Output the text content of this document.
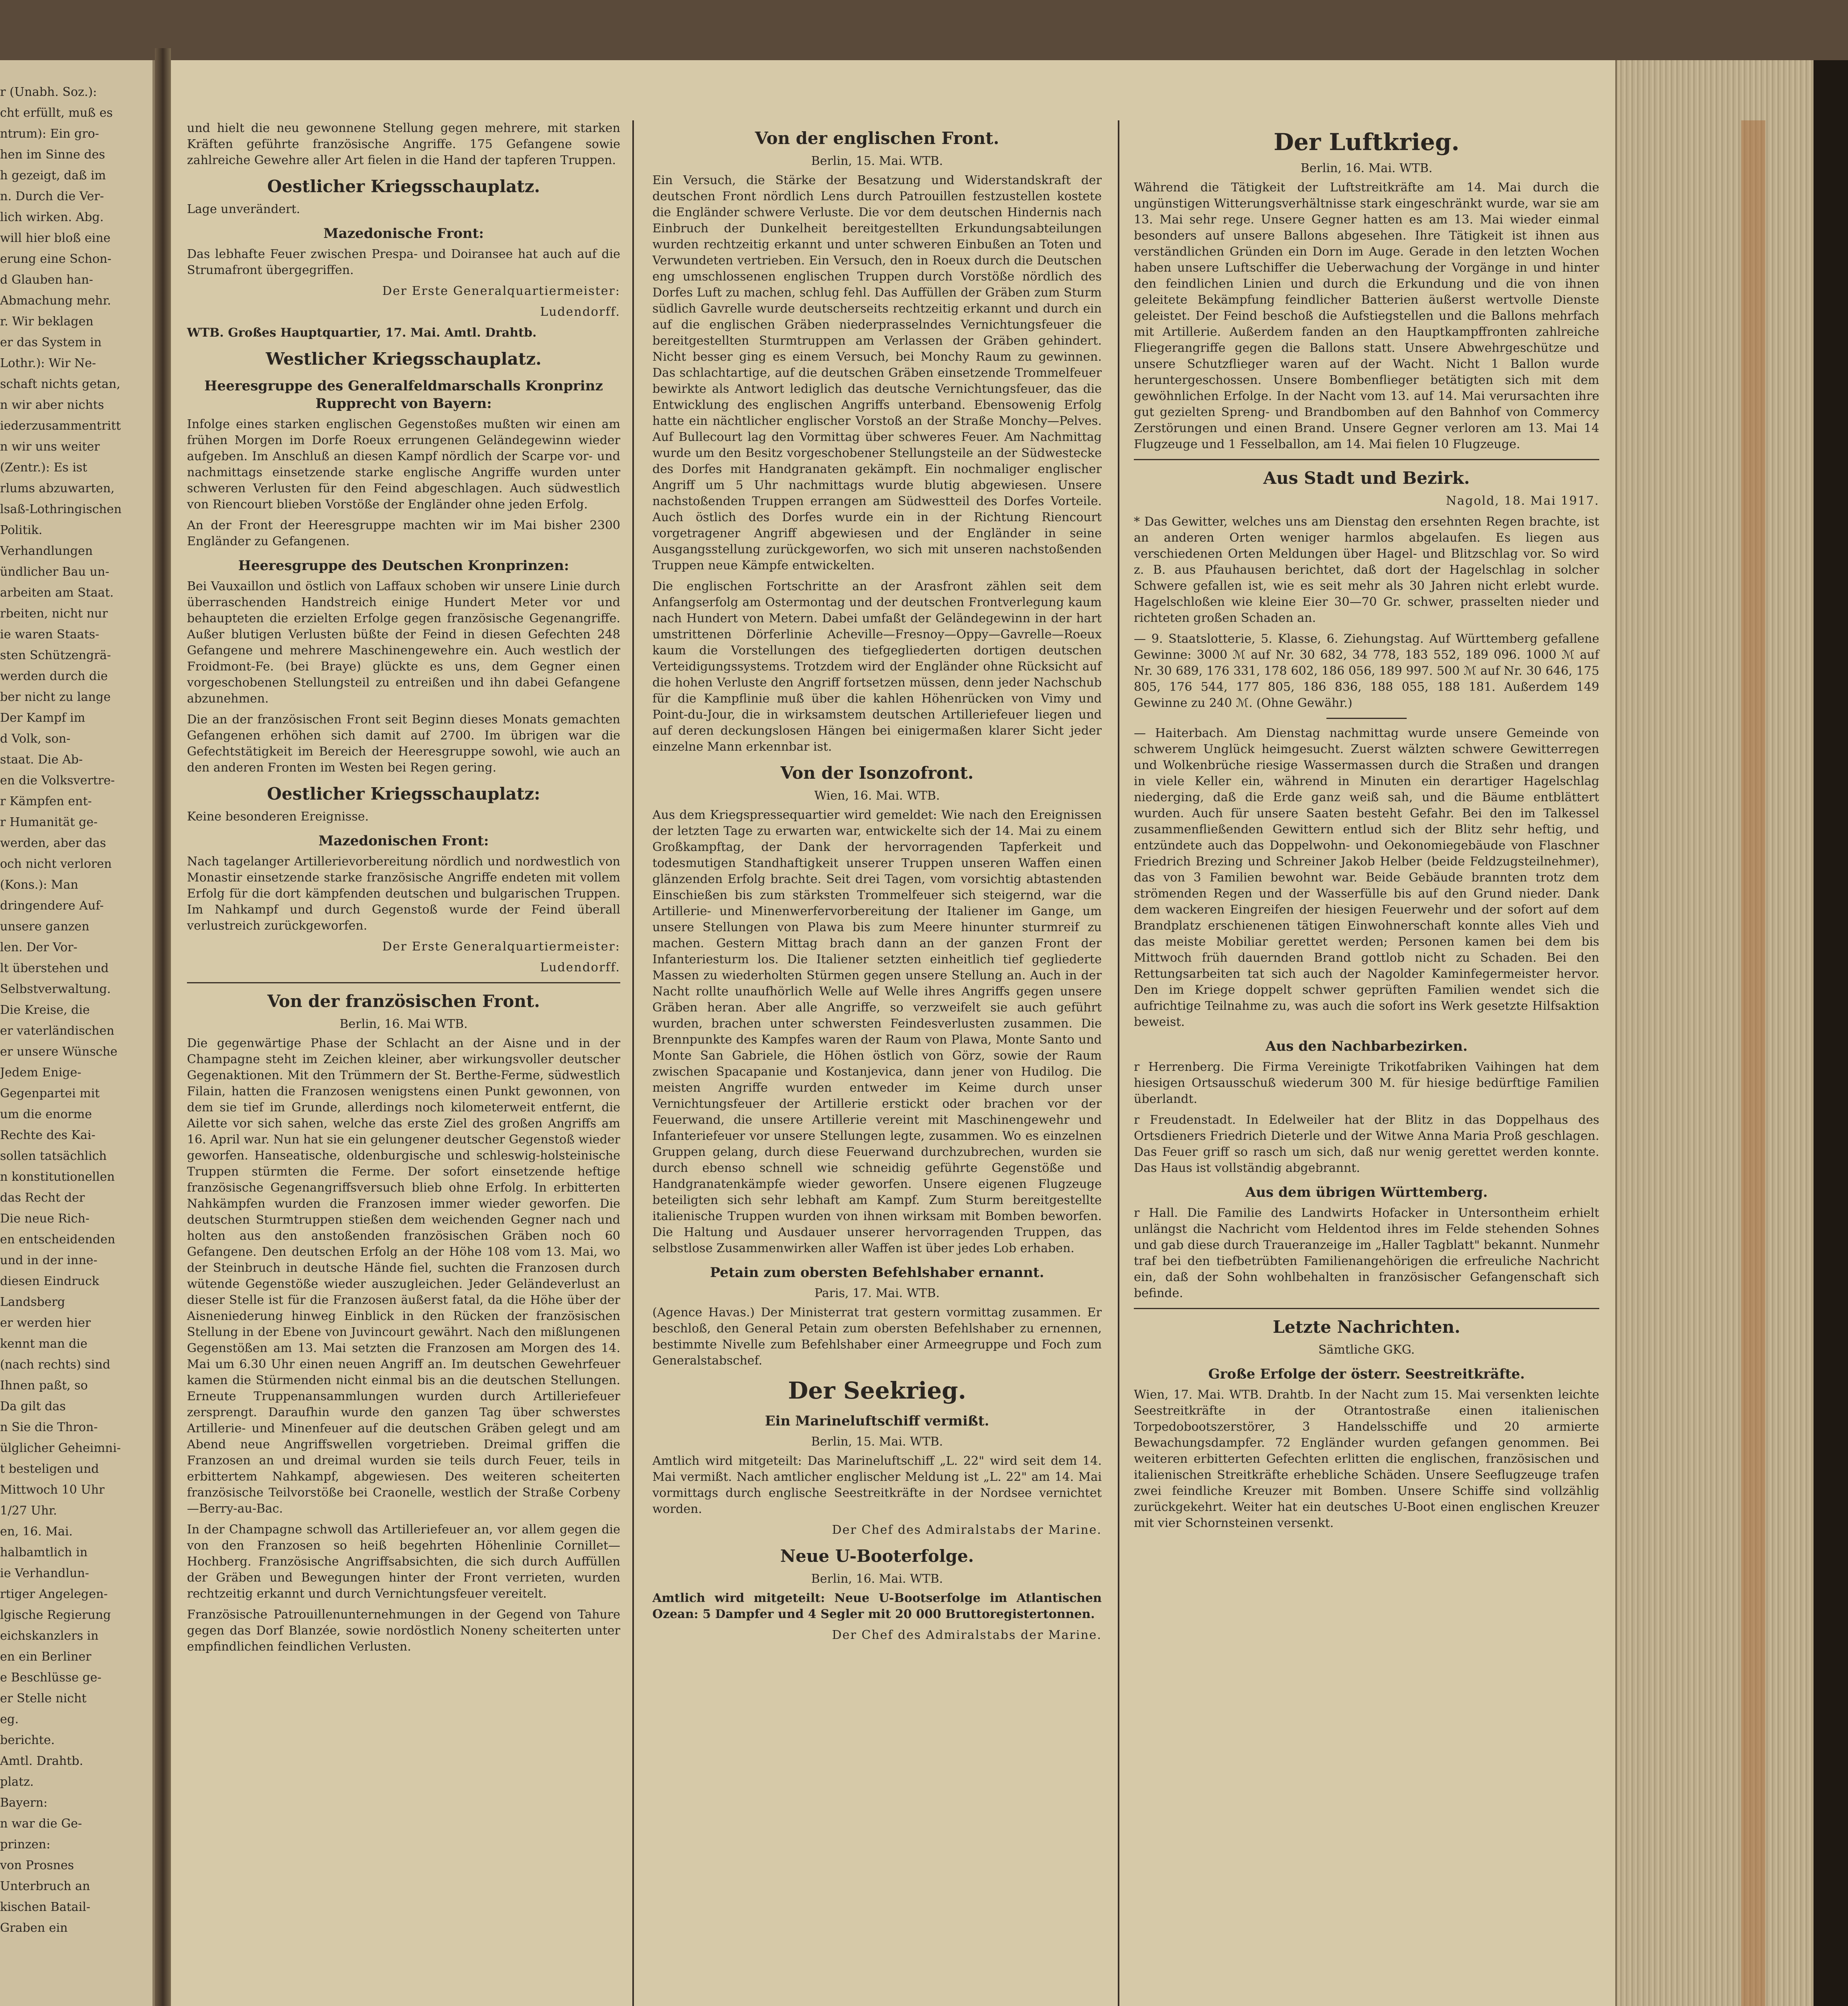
r (Unabh. Soz.):

cht erfüllt, muß es

ntrum): Ein gro-

hen im Sinne des

h gezeigt, daß im

n. Durch die Ver-

lich wirken. Abg.

will hier bloß eine

erung eine Schon-

d Glauben han-

Abmachung mehr.

r. Wir beklagen

er das System in

Lothr.): Wir Ne-

schaft nichts getan,

n wir aber nichts

iederzusammentritt

n wir uns weiter

(Zentr.): Es ist

rlums abzuwarten,

lsaß-Lothringischen

Politik.

Verhandlungen

ündlicher Bau un-

arbeiten am Staat.

rbeiten, nicht nur

ie waren Staats-

sten Schützengrä-

werden durch die

ber nicht zu lange

Der Kampf im

d Volk, son-

staat. Die Ab-

en die Volksvertre-

r Kämpfen ent-

r Humanität ge-

werden, aber das

och nicht verloren

(Kons.): Man

dringendere Auf-

unsere ganzen

len. Der Vor-

lt überstehen und

Selbstverwaltung.

Die Kreise, die

er vaterländischen

er unsere Wünsche

Jedem Enige-

Gegenpartei mit

um die enorme

Rechte des Kai-

sollen tatsächlich

n konstitutionellen

das Recht der

Die neue Rich-

en entscheidenden

und in der inne-

diesen Eindruck

Landsberg

er werden hier

kennt man die

(nach rechts) sind

Ihnen paßt, so

Da gilt das

n Sie die Thron-

ülglicher Geheimni-

t besteligen und

Mittwoch 10 Uhr

1/27 Uhr.

en, 16. Mai.

halbamtlich in

ie Verhandlun-

rtiger Angelegen-

lgische Regierung

eichskanzlers in

en ein Berliner

e Beschlüsse ge-

er Stelle nicht

eg.

berichte.

Amtl. Drahtb.

platz.

Bayern:

n war die Ge-

prinzen:

von Prosnes

Unterbruch an

kischen Batail-

Graben ein

und hielt die neu gewonnene Stellung gegen mehrere, mit starken Kräften geführte französische Angriffe. 175 Gefangene sowie zahlreiche Gewehre aller Art fielen in die Hand der tapferen Truppen.

Oestlicher Kriegsschauplatz.

Lage unverändert.

Mazedonische Front:

Das lebhafte Feuer zwischen Prespa- und Doiransee hat auch auf die Strumafront übergegriffen.

Der Erste Generalquartiermeister:
Ludendorff.

WTB. Großes Hauptquartier, 17. Mai. Amtl. Drahtb.

Westlicher Kriegsschauplatz.
Heeresgruppe des Generalfeldmarschalls Kronprinz Rupprecht von Bayern:

Infolge eines starken englischen Gegenstoßes mußten wir einen am frühen Morgen im Dorfe Roeux errungenen Geländegewinn wieder aufgeben. Im Anschluß an diesen Kampf nördlich der Scarpe vor- und nachmittags einsetzende starke englische Angriffe wurden unter schweren Verlusten für den Feind abgeschlagen. Auch südwestlich von Riencourt blieben Vorstöße der Engländer ohne jeden Erfolg.

An der Front der Heeresgruppe machten wir im Mai bisher 2300 Engländer zu Gefangenen.

Heeresgruppe des Deutschen Kronprinzen:

Bei Vauxaillon und östlich von Laffaux schoben wir unsere Linie durch überraschenden Handstreich einige Hundert Meter vor und behaupteten die erzielten Erfolge gegen französische Gegenangriffe. Außer blutigen Verlusten büßte der Feind in diesen Gefechten 248 Gefangene und mehrere Maschinengewehre ein. Auch westlich der Froidmont-Fe. (bei Braye) glückte es uns, dem Gegner einen vorgeschobenen Stellungsteil zu entreißen und ihn dabei Gefangene abzunehmen.

Die an der französischen Front seit Beginn dieses Monats gemachten Gefangenen erhöhen sich damit auf 2700. Im übrigen war die Gefechtstätigkeit im Bereich der Heeresgruppe sowohl, wie auch an den anderen Fronten im Westen bei Regen gering.

Oestlicher Kriegsschauplatz:

Keine besonderen Ereignisse.

Mazedonischen Front:

Nach tagelanger Artillerievorbereitung nördlich und nordwestlich von Monastir einsetzende starke französische Angriffe endeten mit vollem Erfolg für die dort kämpfenden deutschen und bulgarischen Truppen. Im Nahkampf und durch Gegenstoß wurde der Feind überall verlustreich zurückgeworfen.

Der Erste Generalquartiermeister:
Ludendorff.
Von der französischen Front.
Berlin, 16. Mai WTB.

Die gegenwärtige Phase der Schlacht an der Aisne und in der Champagne steht im Zeichen kleiner, aber wirkungsvoller deutscher Gegenaktionen. Mit den Trümmern der St. Berthe-Ferme, südwestlich Filain, hatten die Franzosen wenigstens einen Punkt gewonnen, von dem sie tief im Grunde, allerdings noch kilometerweit entfernt, die Ailette vor sich sahen, welche das erste Ziel des großen Angriffs am 16. April war. Nun hat sie ein gelungener deutscher Gegenstoß wieder geworfen. Hanseatische, oldenburgische und schleswig-holsteinische Truppen stürmten die Ferme. Der sofort einsetzende heftige französische Gegenangriffsversuch blieb ohne Erfolg. In erbitterten Nahkämpfen wurden die Franzosen immer wieder geworfen. Die deutschen Sturmtruppen stießen dem weichenden Gegner nach und holten aus den anstoßenden französischen Gräben noch 60 Gefangene. Den deutschen Erfolg an der Höhe 108 vom 13. Mai, wo der Steinbruch in deutsche Hände fiel, suchten die Franzosen durch wütende Gegenstöße wieder auszugleichen. Jeder Geländeverlust an dieser Stelle ist für die Franzosen äußerst fatal, da die Höhe über der Aisneniederung hinweg Einblick in den Rücken der französischen Stellung in der Ebene von Juvincourt gewährt. Nach den mißlungenen Gegenstößen am 13. Mai setzten die Franzosen am Morgen des 14. Mai um 6.30 Uhr einen neuen Angriff an. Im deutschen Gewehrfeuer kamen die Stürmenden nicht einmal bis an die deutschen Stellungen. Erneute Truppenansammlungen wurden durch Artilleriefeuer zersprengt. Daraufhin wurde den ganzen Tag über schwerstes Artillerie- und Minenfeuer auf die deutschen Gräben gelegt und am Abend neue Angriffswellen vorgetrieben. Dreimal griffen die Franzosen an und dreimal wurden sie teils durch Feuer, teils in erbittertem Nahkampf, abgewiesen. Des weiteren scheiterten französische Teilvorstöße bei Craonelle, westlich der Straße Corbeny—Berry-au-Bac.

In der Champagne schwoll das Artilleriefeuer an, vor allem gegen die von den Franzosen so heiß begehrten Höhenlinie Cornillet—Hochberg. Französische Angriffsabsichten, die sich durch Auffüllen der Gräben und Bewegungen hinter der Front verrieten, wurden rechtzeitig erkannt und durch Vernichtungsfeuer vereitelt.

Französische Patrouillenunternehmungen in der Gegend von Tahure gegen das Dorf Blanzée, sowie nordöstlich Noneny scheiterten unter empfindlichen feindlichen Verlusten.

Von der englischen Front.
Berlin, 15. Mai. WTB.

Ein Versuch, die Stärke der Besatzung und Widerstandskraft der deutschen Front nördlich Lens durch Patrouillen festzustellen kostete die Engländer schwere Verluste. Die vor dem deutschen Hindernis nach Einbruch der Dunkelheit bereitgestellten Erkundungsabteilungen wurden rechtzeitig erkannt und unter schweren Einbußen an Toten und Verwundeten vertrieben. Ein Versuch, den in Roeux durch die Deutschen eng umschlossenen englischen Truppen durch Vorstöße nördlich des Dorfes Luft zu machen, schlug fehl. Das Auffüllen der Gräben zum Sturm südlich Gavrelle wurde deutscherseits rechtzeitig erkannt und durch ein auf die englischen Gräben niederprasselndes Vernichtungsfeuer die bereitgestellten Sturmtruppen am Verlassen der Gräben gehindert. Nicht besser ging es einem Versuch, bei Monchy Raum zu gewinnen. Das schlachtartige, auf die deutschen Gräben einsetzende Trommelfeuer bewirkte als Antwort lediglich das deutsche Vernichtungsfeuer, das die Entwicklung des englischen Angriffs unterband. Ebensowenig Erfolg hatte ein nächtlicher englischer Vorstoß an der Straße Monchy—Pelves. Auf Bullecourt lag den Vormittag über schweres Feuer. Am Nachmittag wurde um den Besitz vorgeschobener Stellungsteile an der Südwestecke des Dorfes mit Handgranaten gekämpft. Ein nochmaliger englischer Angriff um 5 Uhr nachmittags wurde blutig abgewiesen. Unsere nachstoßenden Truppen errangen am Südwestteil des Dorfes Vorteile. Auch östlich des Dorfes wurde ein in der Richtung Riencourt vorgetragener Angriff abgewiesen und der Engländer in seine Ausgangsstellung zurückgeworfen, wo sich mit unseren nachstoßenden Truppen neue Kämpfe entwickelten.

Die englischen Fortschritte an der Arasfront zählen seit dem Anfangserfolg am Ostermontag und der deutschen Frontverlegung kaum nach Hundert von Metern. Dabei umfaßt der Geländegewinn in der hart umstrittenen Dörferlinie Acheville—Fresnoy—Oppy—Gavrelle—Roeux kaum die Vorstellungen des tiefgegliederten dortigen deutschen Verteidigungssystems. Trotzdem wird der Engländer ohne Rücksicht auf die hohen Verluste den Angriff fortsetzen müssen, denn jeder Nachschub für die Kampflinie muß über die kahlen Höhenrücken von Vimy und Point-du-Jour, die in wirksamstem deutschen Artilleriefeuer liegen und auf deren deckungslosen Hängen bei einigermaßen klarer Sicht jeder einzelne Mann erkennbar ist.

Von der Isonzofront.
Wien, 16. Mai. WTB.

Aus dem Kriegspressequartier wird gemeldet: Wie nach den Ereignissen der letzten Tage zu erwarten war, entwickelte sich der 14. Mai zu einem Großkampftag, der Dank der hervorragenden Tapferkeit und todesmutigen Standhaftigkeit unserer Truppen unseren Waffen einen glänzenden Erfolg brachte. Seit drei Tagen, vom vorsichtig abtastenden Einschießen bis zum stärksten Trommelfeuer sich steigernd, war die Artillerie- und Minenwerfervorbereitung der Italiener im Gange, um unsere Stellungen von Plawa bis zum Meere hinunter sturmreif zu machen. Gestern Mittag brach dann an der ganzen Front der Infanteriesturm los. Die Italiener setzten einheitlich tief gegliederte Massen zu wiederholten Stürmen gegen unsere Stellung an. Auch in der Nacht rollte unaufhörlich Welle auf Welle ihres Angriffs gegen unsere Gräben heran. Aber alle Angriffe, so verzweifelt sie auch geführt wurden, brachen unter schwersten Feindesverlusten zusammen. Die Brennpunkte des Kampfes waren der Raum von Plawa, Monte Santo und Monte San Gabriele, die Höhen östlich von Görz, sowie der Raum zwischen Spacapanie und Kostanjevica, dann jener von Hudilog. Die meisten Angriffe wurden entweder im Keime durch unser Vernichtungsfeuer der Artillerie erstickt oder brachen vor der Feuerwand, die unsere Artillerie vereint mit Maschinengewehr und Infanteriefeuer vor unsere Stellungen legte, zusammen. Wo es einzelnen Gruppen gelang, durch diese Feuerwand durchzubrechen, wurden sie durch ebenso schnell wie schneidig geführte Gegenstöße und Handgranatenkämpfe wieder geworfen. Unsere eigenen Flugzeuge beteiligten sich sehr lebhaft am Kampf. Zum Sturm bereitgestellte italienische Truppen wurden von ihnen wirksam mit Bomben beworfen. Die Haltung und Ausdauer unserer hervorragenden Truppen, das selbstlose Zusammenwirken aller Waffen ist über jedes Lob erhaben.

Petain zum obersten Befehlshaber ernannt.
Paris, 17. Mai. WTB.

(Agence Havas.) Der Ministerrat trat gestern vormittag zusammen. Er beschloß, den General Petain zum obersten Befehlshaber zu ernennen, bestimmte Nivelle zum Befehlshaber einer Armeegruppe und Foch zum Generalstabschef.

Der Seekrieg.
Ein Marineluftschiff vermißt.
Berlin, 15. Mai. WTB.

Amtlich wird mitgeteilt: Das Marineluftschiff „L. 22" wird seit dem 14. Mai vermißt. Nach amtlicher englischer Meldung ist „L. 22" am 14. Mai vormittags durch englische Seestreitkräfte in der Nordsee vernichtet worden.

Der Chef des Admiralstabs der Marine.
Neue U-Booterfolge.
Berlin, 16. Mai. WTB.

Amtlich wird mitgeteilt: Neue U-Bootserfolge im Atlantischen Ozean: 5 Dampfer und 4 Segler mit 20 000 Bruttoregistertonnen.

Der Chef des Admiralstabs der Marine.
Der Luftkrieg.
Berlin, 16. Mai. WTB.

Während die Tätigkeit der Luftstreitkräfte am 14. Mai durch die ungünstigen Witterungsverhältnisse stark eingeschränkt wurde, war sie am 13. Mai sehr rege. Unsere Gegner hatten es am 13. Mai wieder einmal besonders auf unsere Ballons abgesehen. Ihre Tätigkeit ist ihnen aus verständlichen Gründen ein Dorn im Auge. Gerade in den letzten Wochen haben unsere Luftschiffer die Ueberwachung der Vorgänge in und hinter den feindlichen Linien und durch die Erkundung und die von ihnen geleitete Bekämpfung feindlicher Batterien äußerst wertvolle Dienste geleistet. Der Feind beschoß die Aufstiegstellen und die Ballons mehrfach mit Artillerie. Außerdem fanden an den Hauptkampffronten zahlreiche Fliegerangriffe gegen die Ballons statt. Unsere Abwehrgeschütze und unsere Schutzflieger waren auf der Wacht. Nicht 1 Ballon wurde heruntergeschossen. Unsere Bombenflieger betätigten sich mit dem gewöhnlichen Erfolge. In der Nacht vom 13. auf 14. Mai verursachten ihre gut gezielten Spreng- und Brandbomben auf den Bahnhof von Commercy Zerstörungen und einen Brand. Unsere Gegner verloren am 13. Mai 14 Flugzeuge und 1 Fesselballon, am 14. Mai fielen 10 Flugzeuge.

Aus Stadt und Bezirk.
Nagold, 18. Mai 1917.

* Das Gewitter, welches uns am Dienstag den ersehnten Regen brachte, ist an anderen Orten weniger harmlos abgelaufen. Es liegen aus verschiedenen Orten Meldungen über Hagel- und Blitzschlag vor. So wird z. B. aus Pfauhausen berichtet, daß dort der Hagelschlag in solcher Schwere gefallen ist, wie es seit mehr als 30 Jahren nicht erlebt wurde. Hagelschloßen wie kleine Eier 30—70 Gr. schwer, prasselten nieder und richteten großen Schaden an.

— 9. Staatslotterie, 5. Klasse, 6. Ziehungstag. Auf Württemberg gefallene Gewinne: 3000 ℳ auf Nr. 30 682, 34 778, 183 552, 189 096. 1000 ℳ auf Nr. 30 689, 176 331, 178 602, 186 056, 189 997. 500 ℳ auf Nr. 30 646, 175 805, 176 544, 177 805, 186 836, 188 055, 188 181. Außerdem 149 Gewinne zu 240 ℳ. (Ohne Gewähr.)

— Haiterbach. Am Dienstag nachmittag wurde unsere Gemeinde von schwerem Unglück heimgesucht. Zuerst wälzten schwere Gewitterregen und Wolkenbrüche riesige Wassermassen durch die Straßen und drangen in viele Keller ein, während in Minuten ein derartiger Hagelschlag niederging, daß die Erde ganz weiß sah, und die Bäume entblättert wurden. Auch für unsere Saaten besteht Gefahr. Bei den im Talkessel zusammenfließenden Gewittern entlud sich der Blitz sehr heftig, und entzündete auch das Doppelwohn- und Oekonomiegebäude von Flaschner Friedrich Brezing und Schreiner Jakob Helber (beide Feldzugsteilnehmer), das von 3 Familien bewohnt war. Beide Gebäude brannten trotz dem strömenden Regen und der Wasserfülle bis auf den Grund nieder. Dank dem wackeren Eingreifen der hiesigen Feuerwehr und der sofort auf dem Brandplatz erschienenen tätigen Einwohnerschaft konnte alles Vieh und das meiste Mobiliar gerettet werden; Personen kamen bei dem bis Mittwoch früh dauernden Brand gottlob nicht zu Schaden. Bei den Rettungsarbeiten tat sich auch der Nagolder Kaminfegermeister hervor. Den im Kriege doppelt schwer geprüften Familien wendet sich die aufrichtige Teilnahme zu, was auch die sofort ins Werk gesetzte Hilfsaktion beweist.

Aus den Nachbarbezirken.

r Herrenberg. Die Firma Vereinigte Trikotfabriken Vaihingen hat dem hiesigen Ortsausschuß wiederum 300 M. für hiesige bedürftige Familien überlandt.

r Freudenstadt. In Edelweiler hat der Blitz in das Doppelhaus des Ortsdieners Friedrich Dieterle und der Witwe Anna Maria Proß geschlagen. Das Feuer griff so rasch um sich, daß nur wenig gerettet werden konnte. Das Haus ist vollständig abgebrannt.

Aus dem übrigen Württemberg.

r Hall. Die Familie des Landwirts Hofacker in Untersontheim erhielt unlängst die Nachricht vom Heldentod ihres im Felde stehenden Sohnes und gab diese durch Traueranzeige im „Haller Tagblatt" bekannt. Nunmehr traf bei den tiefbetrübten Familienangehörigen die erfreuliche Nachricht ein, daß der Sohn wohlbehalten in französischer Gefangenschaft sich befinde.

Letzte Nachrichten.
Sämtliche GKG.
Große Erfolge der österr. Seestreitkräfte.

Wien, 17. Mai. WTB. Drahtb. In der Nacht zum 15. Mai versenkten leichte Seestreitkräfte in der Otrantostraße einen italienischen Torpedobootszerstörer, 3 Handelsschiffe und 20 armierte Bewachungsdampfer. 72 Engländer wurden gefangen genommen. Bei weiteren erbitterten Gefechten erlitten die englischen, französischen und italienischen Streitkräfte erhebliche Schäden. Unsere Seeflugzeuge trafen zwei feindliche Kreuzer mit Bomben. Unsere Schiffe sind vollzählig zurückgekehrt. Weiter hat ein deutsches U-Boot einen englischen Kreuzer mit vier Schornsteinen versenkt.
